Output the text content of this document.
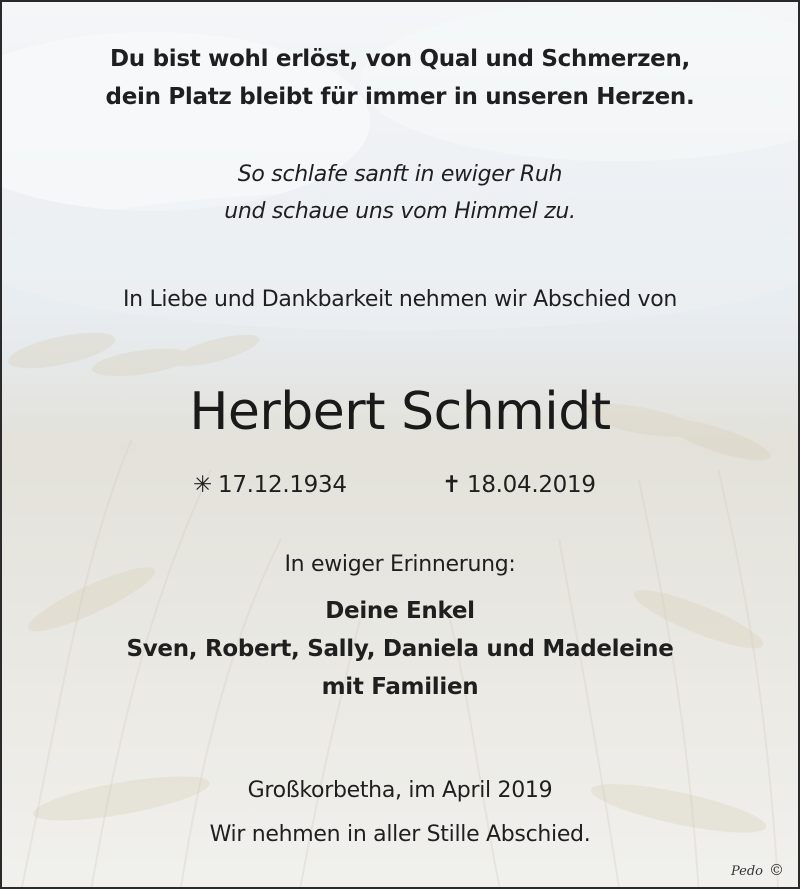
Du bist wohl erlöst, von Qual und Schmerzen,
dein Platz bleibt für immer in unseren Herzen.
So schlafe sanft in ewiger Ruh
und schaue uns vom Himmel zu.
In Liebe und Dankbarkeit nehmen wir Abschied von
Herbert Schmidt
✳ 17.12.1934	✝ 18.04.2019
In ewiger Erinnerung:
Deine Enkel
Sven, Robert, Sally, Daniela und Madeleine
mit Familien
Großkorbetha, im April 2019
Wir nehmen in aller Stille Abschied.
Pedo ©
